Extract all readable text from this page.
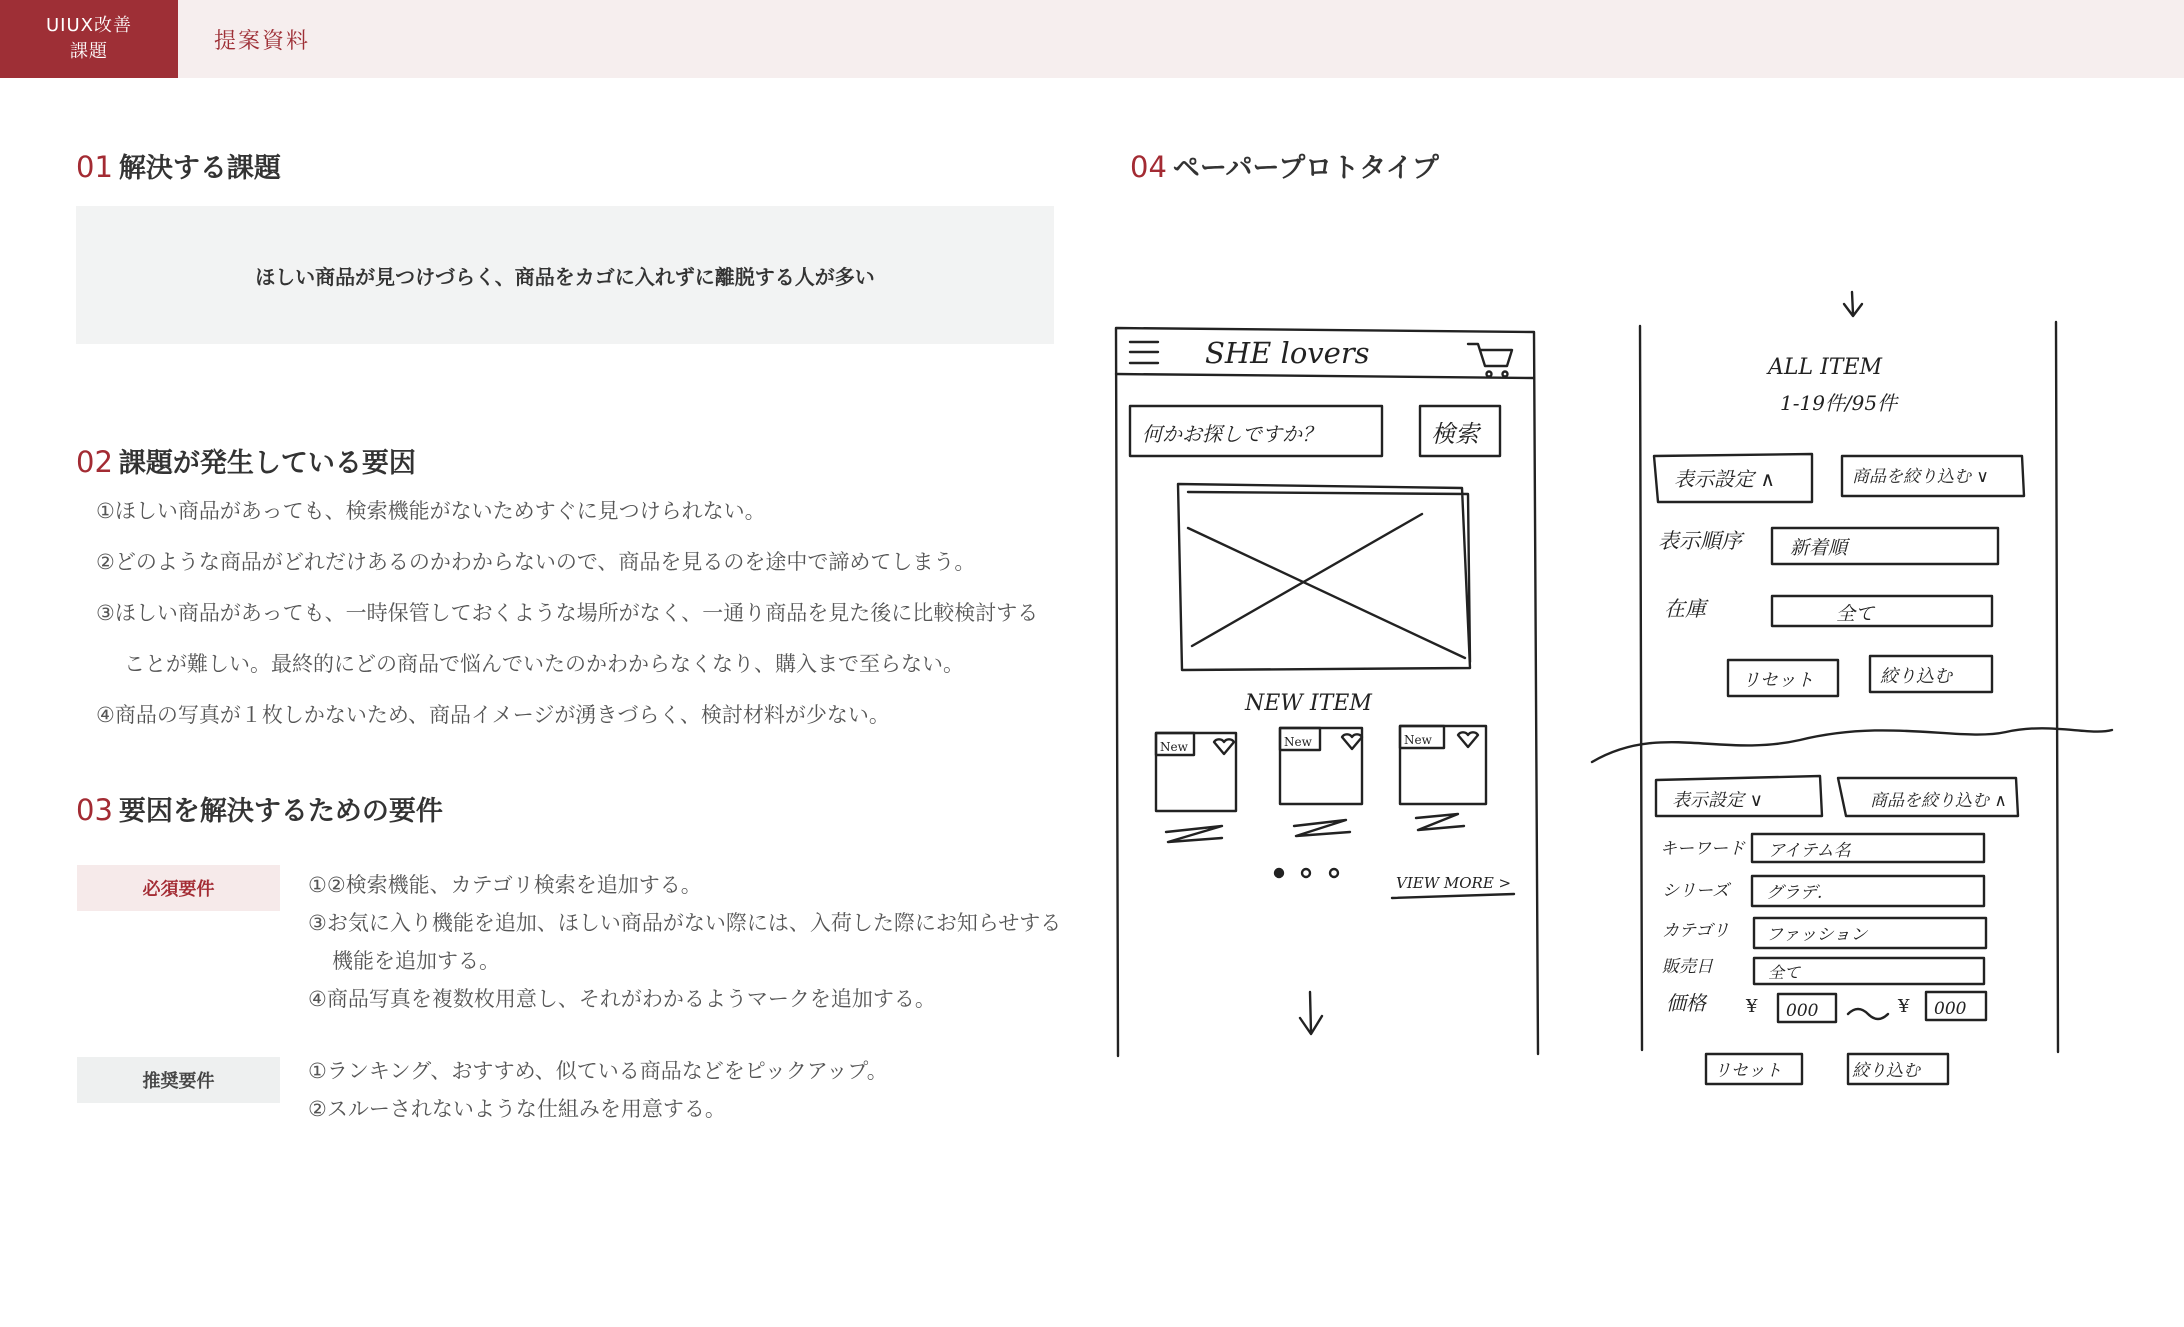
UIUX改善
課題	提案資料
01 解決する課題
ほしい商品が見つけづらく、商品をカゴに入れずに離脱する人が多い
02 課題が発生している要因

①ほしい商品があっても、検索機能がないためすぐに見つけられない。

②どのような商品がどれだけあるのかわからないので、商品を見るのを途中で諦めてしまう。

③ほしい商品があっても、一時保管しておくような場所がなく、一通り商品を見た後に比較検討することが難しい。最終的にどの商品で悩んでいたのかわからなくなり、購入まで至らない。

④商品の写真が１枚しかないため、商品イメージが湧きづらく、検討材料が少ない。

03 要因を解決するための要件
必須要件	①②検索機能、カテゴリ検索を追加する。

③お気に入り機能を追加、ほしい商品がない際には、入荷した際にお知らせする機能を追加する。

④商品写真を複数枚用意し、それがわかるようマークを追加する。

推奨要件	①ランキング、おすすめ、似ている商品などをピックアップ。

②スルーされないような仕組みを用意する。

04 ペーパープロトタイプ
SHE lovers
何かお探しですか？	検索
NEW ITEM
New	New	New
VIEW MORE >
ALL ITEM
1-19件/95件
表示設定 ∧	商品を絞り込む ∨
表示順序	新着順
在庫	全て
リセット	絞り込む
表示設定 ∨	商品を絞り込む ∧
キーワード アイテム名
シリーズ グラデ.
カテゴリ ファッション
販売日	全て
価格 ¥ 000	¥ 000
リセット	絞り込む
